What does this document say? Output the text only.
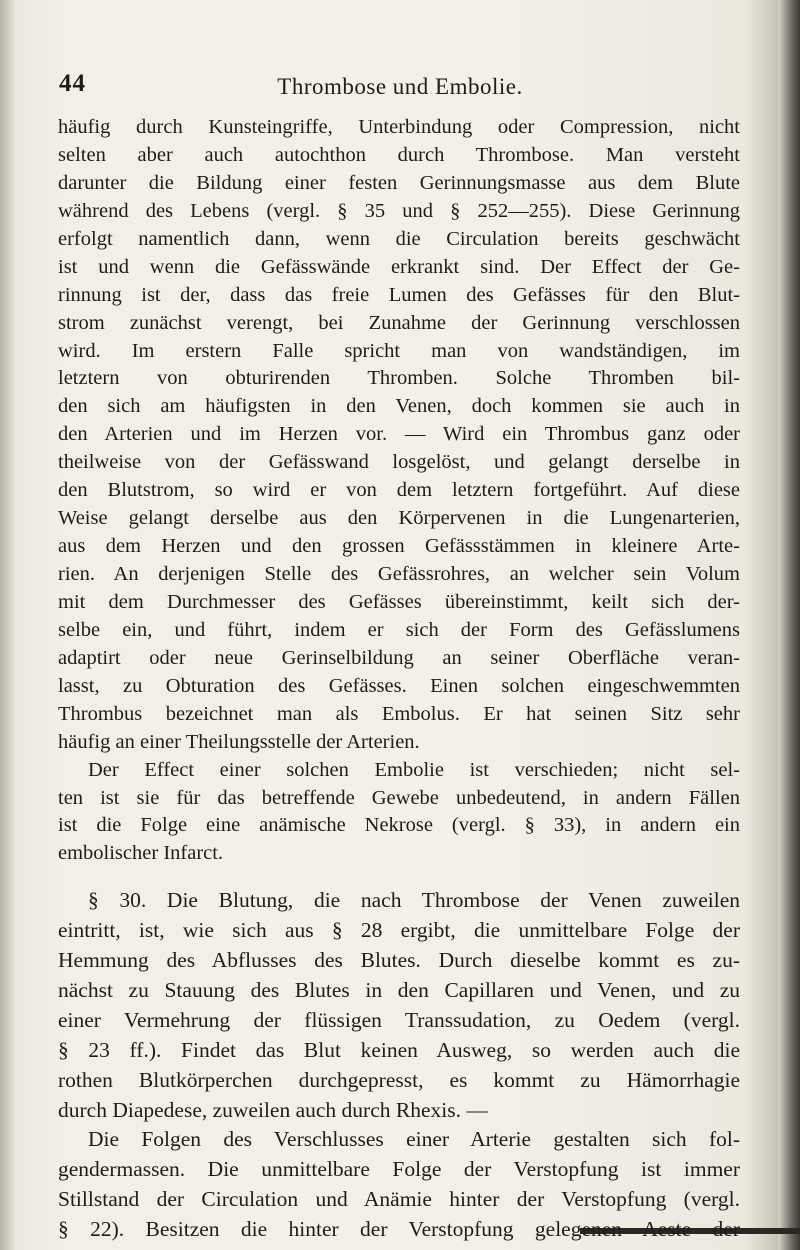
44	Thrombose und Embolie.
häufig durch Kunsteingriffe, Unterbindung oder Compression, nicht
selten aber auch autochthon durch Thrombose. Man versteht
darunter die Bildung einer festen Gerinnungsmasse aus dem Blute
während des Lebens (vergl. § 35 und § 252—255). Diese Gerinnung
erfolgt namentlich dann, wenn die Circulation bereits geschwächt
ist und wenn die Gefässwände erkrankt sind. Der Effect der Ge-
rinnung ist der, dass das freie Lumen des Gefässes für den Blut-
strom zunächst verengt, bei Zunahme der Gerinnung verschlossen
wird. Im erstern Falle spricht man von wandständigen, im
letztern von obturirenden Thromben. Solche Thromben bil-
den sich am häufigsten in den Venen, doch kommen sie auch in
den Arterien und im Herzen vor. — Wird ein Thrombus ganz oder
theilweise von der Gefässwand losgelöst, und gelangt derselbe in
den Blutstrom, so wird er von dem letztern fortgeführt. Auf diese
Weise gelangt derselbe aus den Körpervenen in die Lungenarterien,
aus dem Herzen und den grossen Gefässstämmen in kleinere Arte-
rien. An derjenigen Stelle des Gefässrohres, an welcher sein Volum
mit dem Durchmesser des Gefässes übereinstimmt, keilt sich der-
selbe ein, und führt, indem er sich der Form des Gefässlumens
adaptirt oder neue Gerinselbildung an seiner Oberfläche veran-
lasst, zu Obturation des Gefässes. Einen solchen eingeschwemmten
Thrombus bezeichnet man als Embolus. Er hat seinen Sitz sehr
häufig an einer Theilungsstelle der Arterien.
Der Effect einer solchen Embolie ist verschieden; nicht sel-
ten ist sie für das betreffende Gewebe unbedeutend, in andern Fällen
ist die Folge eine anämische Nekrose (vergl. § 33), in andern ein
embolischer Infarct.
§ 30. Die Blutung, die nach Thrombose der Venen zuweilen
eintritt, ist, wie sich aus § 28 ergibt, die unmittelbare Folge der
Hemmung des Abflusses des Blutes. Durch dieselbe kommt es zu-
nächst zu Stauung des Blutes in den Capillaren und Venen, und zu
einer Vermehrung der flüssigen Transsudation, zu Oedem (vergl.
§ 23 ff.). Findet das Blut keinen Ausweg, so werden auch die
rothen Blutkörperchen durchgepresst, es kommt zu Hämorrhagie
durch Diapedese, zuweilen auch durch Rhexis. —
Die Folgen des Verschlusses einer Arterie gestalten sich fol-
gendermassen. Die unmittelbare Folge der Verstopfung ist immer
Stillstand der Circulation und Anämie hinter der Verstopfung (vergl.
§ 22). Besitzen die hinter der Verstopfung gelegenen Aeste der
